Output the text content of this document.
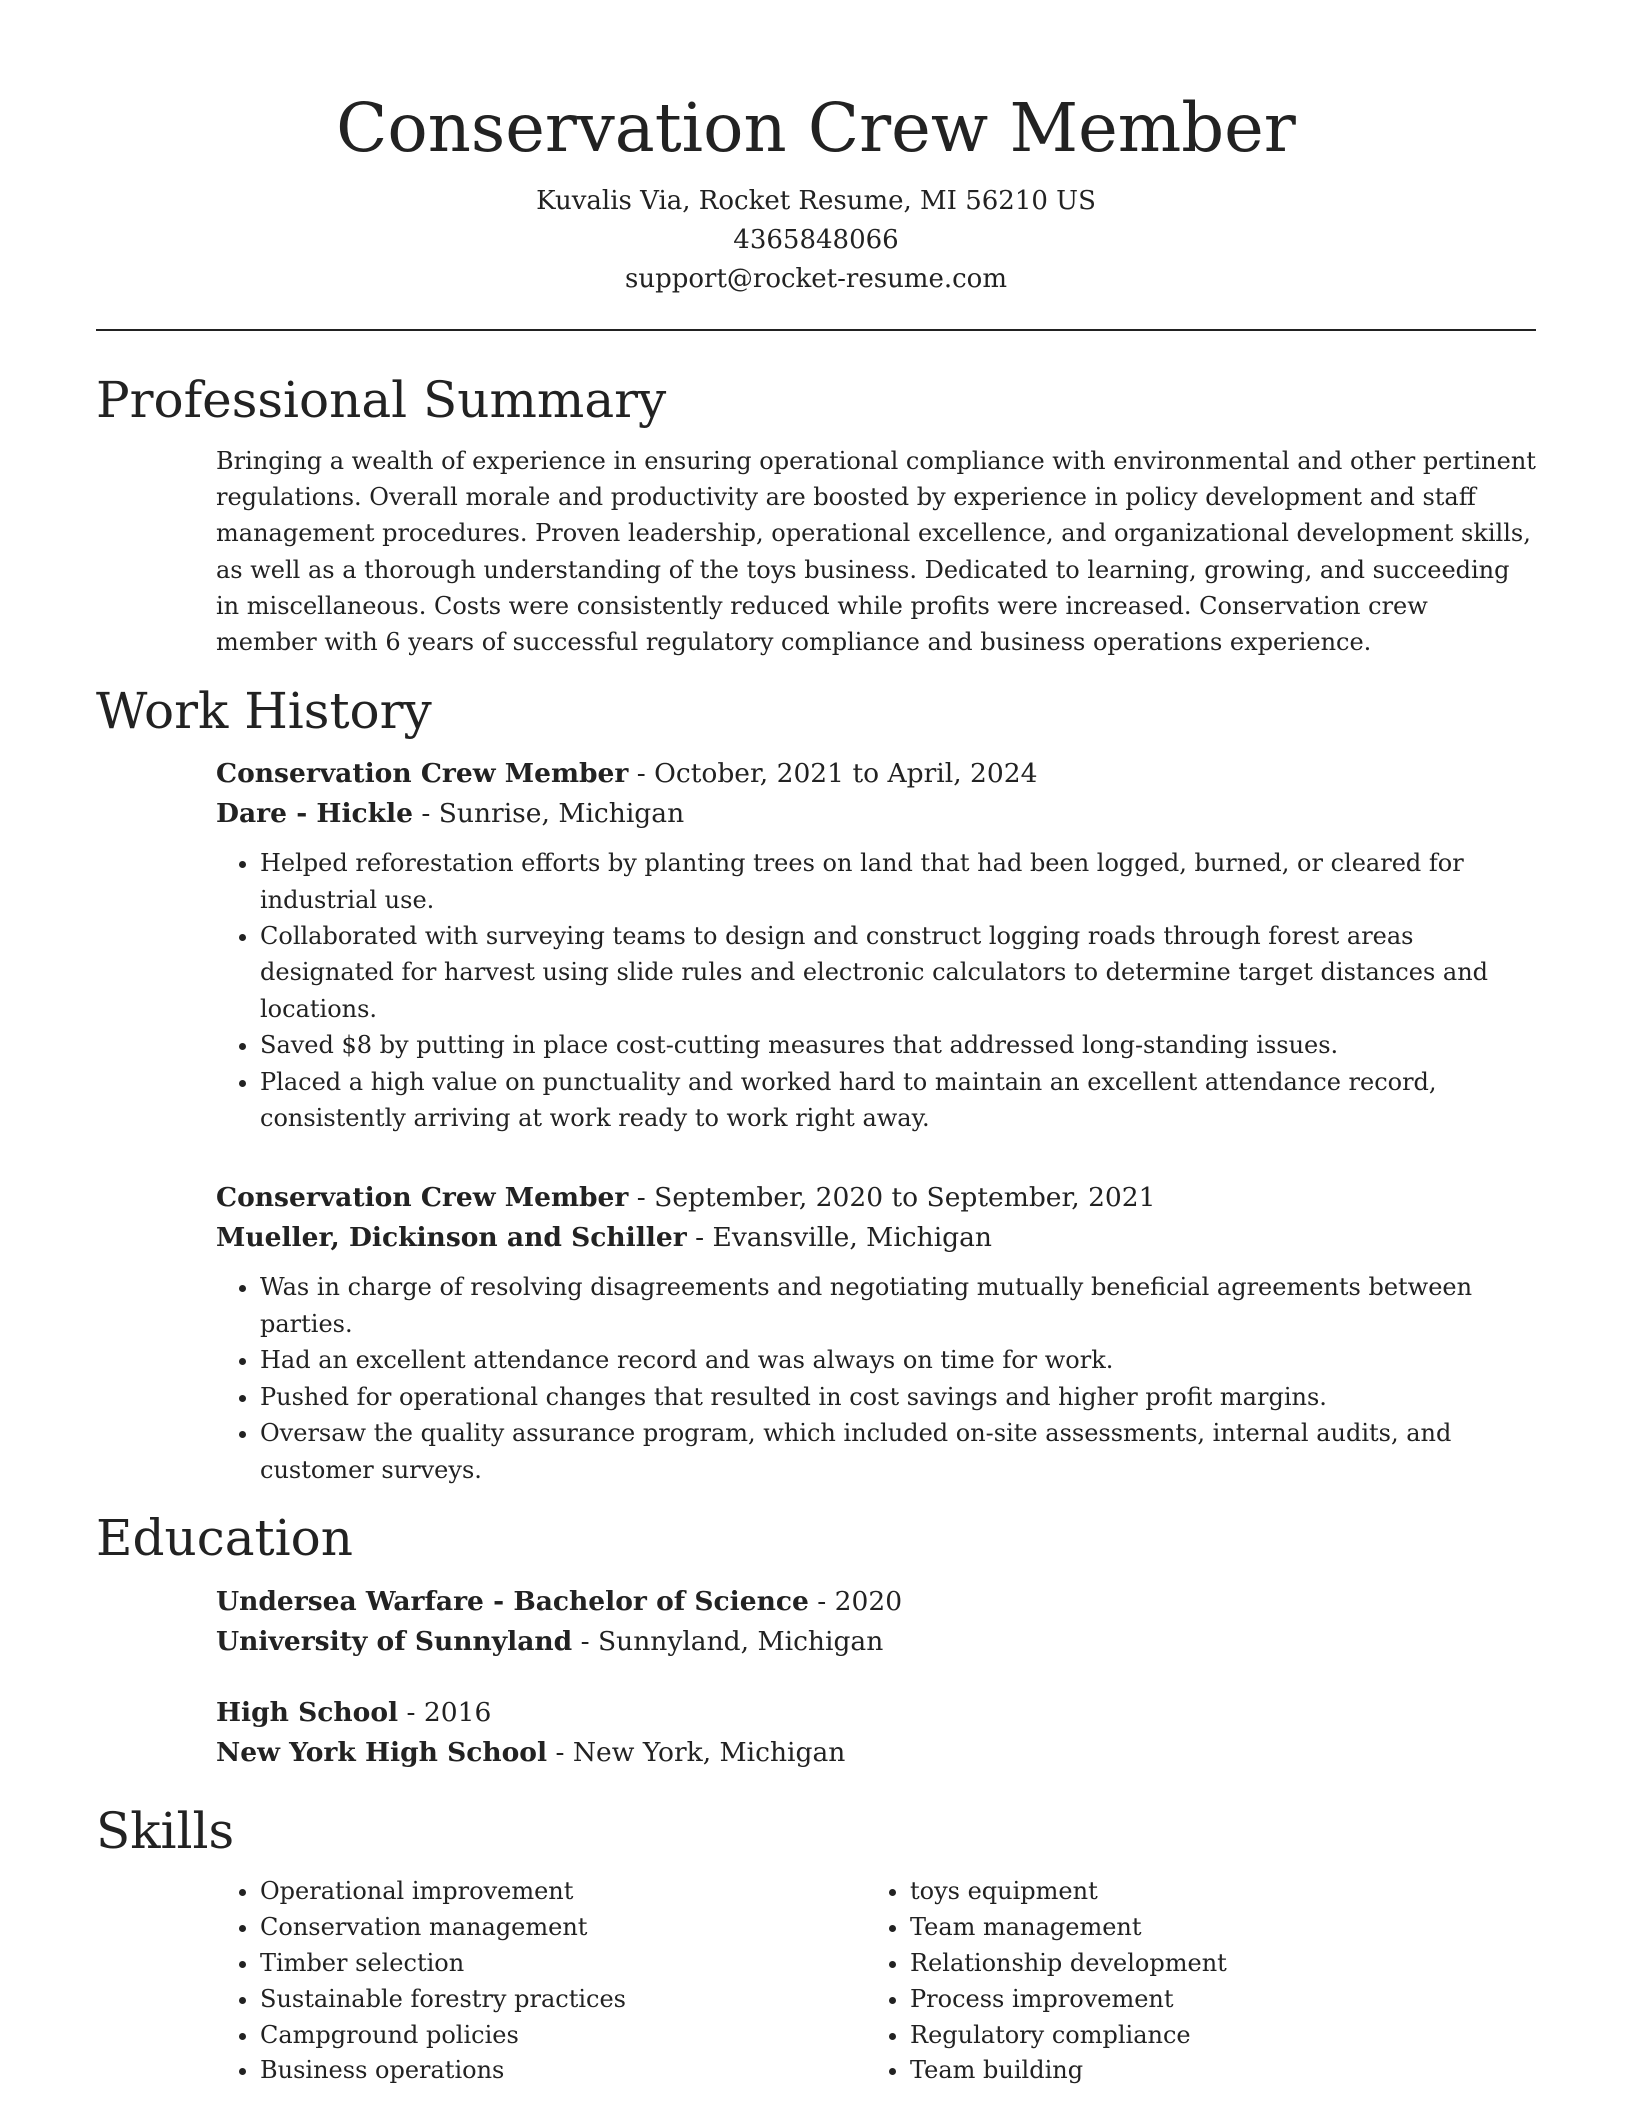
Conservation Crew Member
Kuvalis Via, Rocket Resume, MI 56210 US
4365848066
support@rocket-resume.com
Professional Summary
Bringing a wealth of experience in ensuring operational compliance with environmental and other pertinent regulations. Overall morale and productivity are boosted by experience in policy development and staff management procedures. Proven leadership, operational excellence, and organizational development skills, as well as a thorough understanding of the toys business. Dedicated to learning, growing, and succeeding in miscellaneous. Costs were consistently reduced while profits were increased. Conservation crew member with 6 years of successful regulatory compliance and business operations experience.
Work History
Conservation Crew Member - October, 2021 to April, 2024
Dare - Hickle - Sunrise, Michigan
• Helped reforestation efforts by planting trees on land that had been logged, burned, or cleared for industrial use.
• Collaborated with surveying teams to design and construct logging roads through forest areas designated for harvest using slide rules and electronic calculators to determine target distances and locations.
• Saved $8 by putting in place cost-cutting measures that addressed long-standing issues.
• Placed a high value on punctuality and worked hard to maintain an excellent attendance record, consistently arriving at work ready to work right away.
Conservation Crew Member - September, 2020 to September, 2021
Mueller, Dickinson and Schiller - Evansville, Michigan
• Was in charge of resolving disagreements and negotiating mutually beneficial agreements between parties.
• Had an excellent attendance record and was always on time for work.
• Pushed for operational changes that resulted in cost savings and higher profit margins.
• Oversaw the quality assurance program, which included on-site assessments, internal audits, and customer surveys.
Education
Undersea Warfare - Bachelor of Science - 2020
University of Sunnyland - Sunnyland, Michigan
High School - 2016
New York High School - New York, Michigan
Skills
• Operational improvement
• Conservation management
• Timber selection
• Sustainable forestry practices
• Campground policies
• Business operations
• toys equipment
• Team management
• Relationship development
• Process improvement
• Regulatory compliance
• Team building
